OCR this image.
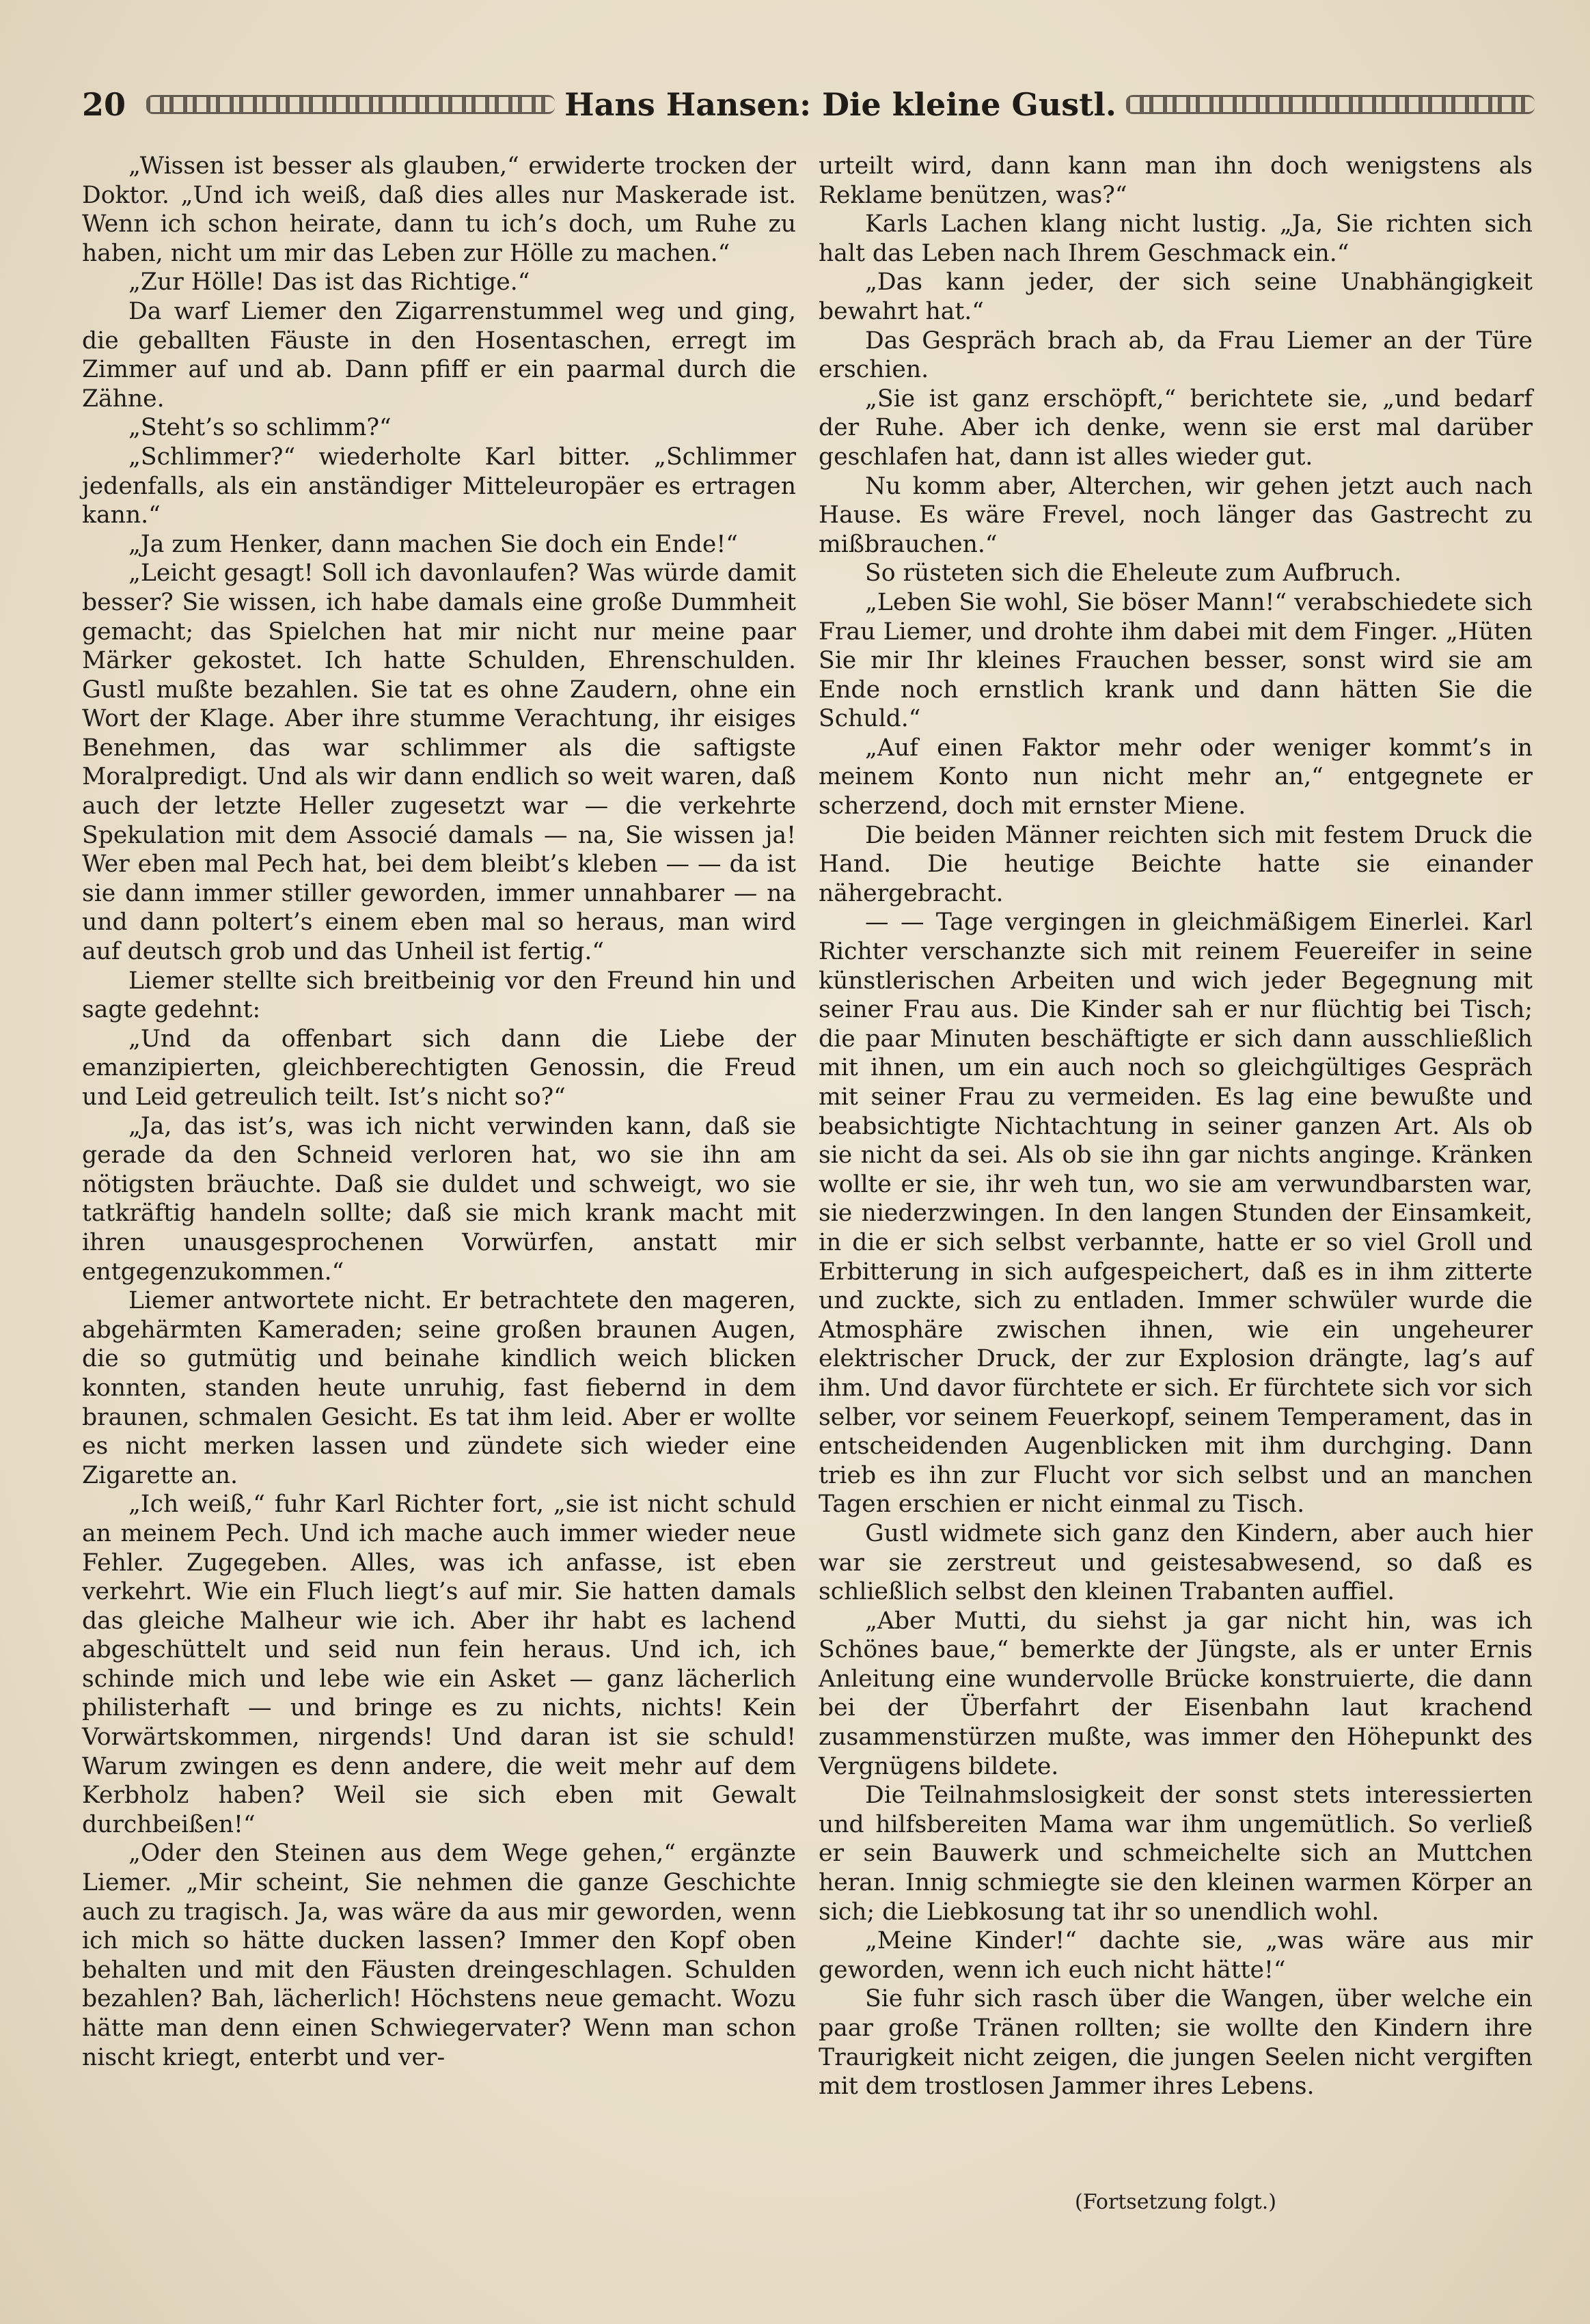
20	Hans Hansen: Die kleine Gustl.

„Wissen ist besser als glauben,“ erwiderte trocken der Doktor. „Und ich weiß, daß dies alles nur Maskerade ist. Wenn ich schon heirate, dann tu ich’s doch, um Ruhe zu haben, nicht um mir das Leben zur Hölle zu machen.“

„Zur Hölle! Das ist das Richtige.“

Da warf Liemer den Zigarrenstummel weg und ging, die geballten Fäuste in den Hosentaschen, erregt im Zimmer auf und ab. Dann pfiff er ein paarmal durch die Zähne.

„Steht’s so schlimm?“

„Schlimmer?“ wiederholte Karl bitter. „Schlimmer jedenfalls, als ein anständiger Mitteleuropäer es ertragen kann.“

„Ja zum Henker, dann machen Sie doch ein Ende!“

„Leicht gesagt! Soll ich davonlaufen? Was würde damit besser? Sie wissen, ich habe damals eine große Dummheit gemacht; das Spielchen hat mir nicht nur meine paar Märker gekostet. Ich hatte Schulden, Ehrenschulden. Gustl mußte bezahlen. Sie tat es ohne Zaudern, ohne ein Wort der Klage. Aber ihre stumme Verachtung, ihr eisiges Benehmen, das war schlimmer als die saftigste Moralpredigt. Und als wir dann endlich so weit waren, daß auch der letzte Heller zugesetzt war — die verkehrte Spekulation mit dem Associé damals — na, Sie wissen ja! Wer eben mal Pech hat, bei dem bleibt’s kleben — — da ist sie dann immer stiller geworden, immer unnahbarer — na und dann poltert’s einem eben mal so heraus, man wird auf deutsch grob und das Unheil ist fertig.“

Liemer stellte sich breitbeinig vor den Freund hin und sagte gedehnt:

„Und da offenbart sich dann die Liebe der emanzipierten, gleichberechtigten Genossin, die Freud und Leid getreulich teilt. Ist’s nicht so?“

„Ja, das ist’s, was ich nicht verwinden kann, daß sie gerade da den Schneid verloren hat, wo sie ihn am nötigsten bräuchte. Daß sie duldet und schweigt, wo sie tatkräftig handeln sollte; daß sie mich krank macht mit ihren unausgesprochenen Vorwürfen, anstatt mir entgegenzukommen.“

Liemer antwortete nicht. Er betrachtete den mageren, abgehärmten Kameraden; seine großen braunen Augen, die so gutmütig und beinahe kindlich weich blicken konnten, standen heute unruhig, fast fiebernd in dem braunen, schmalen Gesicht. Es tat ihm leid. Aber er wollte es nicht merken lassen und zündete sich wieder eine Zigarette an.

„Ich weiß,“ fuhr Karl Richter fort, „sie ist nicht schuld an meinem Pech. Und ich mache auch immer wieder neue Fehler. Zugegeben. Alles, was ich anfasse, ist eben verkehrt. Wie ein Fluch liegt’s auf mir. Sie hatten damals das gleiche Malheur wie ich. Aber ihr habt es lachend abgeschüttelt und seid nun fein heraus. Und ich, ich schinde mich und lebe wie ein Asket — ganz lächerlich philisterhaft — und bringe es zu nichts, nichts! Kein Vorwärtskommen, nirgends! Und daran ist sie schuld! Warum zwingen es denn andere, die weit mehr auf dem Kerbholz haben? Weil sie sich eben mit Gewalt durchbeißen!“

„Oder den Steinen aus dem Wege gehen,“ ergänzte Liemer. „Mir scheint, Sie nehmen die ganze Geschichte auch zu tragisch. Ja, was wäre da aus mir geworden, wenn ich mich so hätte ducken lassen? Immer den Kopf oben behalten und mit den Fäusten dreingeschlagen. Schulden bezahlen? Bah, lächerlich! Höchstens neue gemacht. Wozu hätte man denn einen Schwiegervater? Wenn man schon nischt kriegt, enterbt und ver-

urteilt wird, dann kann man ihn doch wenigstens als Reklame benützen, was?“

Karls Lachen klang nicht lustig. „Ja, Sie richten sich halt das Leben nach Ihrem Geschmack ein.“

„Das kann jeder, der sich seine Unabhängigkeit bewahrt hat.“

Das Gespräch brach ab, da Frau Liemer an der Türe erschien.

„Sie ist ganz erschöpft,“ berichtete sie, „und bedarf der Ruhe. Aber ich denke, wenn sie erst mal darüber geschlafen hat, dann ist alles wieder gut.

Nu komm aber, Alterchen, wir gehen jetzt auch nach Hause. Es wäre Frevel, noch länger das Gastrecht zu mißbrauchen.“

So rüsteten sich die Eheleute zum Aufbruch.

„Leben Sie wohl, Sie böser Mann!“ verabschiedete sich Frau Liemer, und drohte ihm dabei mit dem Finger. „Hüten Sie mir Ihr kleines Frauchen besser, sonst wird sie am Ende noch ernstlich krank und dann hätten Sie die Schuld.“

„Auf einen Faktor mehr oder weniger kommt’s in meinem Konto nun nicht mehr an,“ entgegnete er scherzend, doch mit ernster Miene.

Die beiden Männer reichten sich mit festem Druck die Hand. Die heutige Beichte hatte sie einander nähergebracht.

— — Tage vergingen in gleichmäßigem Einerlei. Karl Richter verschanzte sich mit reinem Feuereifer in seine künstlerischen Arbeiten und wich jeder Begegnung mit seiner Frau aus. Die Kinder sah er nur flüchtig bei Tisch; die paar Minuten beschäftigte er sich dann ausschließlich mit ihnen, um ein auch noch so gleichgültiges Gespräch mit seiner Frau zu vermeiden. Es lag eine bewußte und beabsichtigte Nichtachtung in seiner ganzen Art. Als ob sie nicht da sei. Als ob sie ihn gar nichts anginge. Kränken wollte er sie, ihr weh tun, wo sie am verwundbarsten war, sie niederzwingen. In den langen Stunden der Einsamkeit, in die er sich selbst verbannte, hatte er so viel Groll und Erbitterung in sich aufgespeichert, daß es in ihm zitterte und zuckte, sich zu entladen. Immer schwüler wurde die Atmosphäre zwischen ihnen, wie ein ungeheurer elektrischer Druck, der zur Explosion drängte, lag’s auf ihm. Und davor fürchtete er sich. Er fürchtete sich vor sich selber, vor seinem Feuerkopf, seinem Temperament, das in entscheidenden Augenblicken mit ihm durchging. Dann trieb es ihn zur Flucht vor sich selbst und an manchen Tagen erschien er nicht einmal zu Tisch.

Gustl widmete sich ganz den Kindern, aber auch hier war sie zerstreut und geistesabwesend, so daß es schließlich selbst den kleinen Trabanten auffiel.

„Aber Mutti, du siehst ja gar nicht hin, was ich Schönes baue,“ bemerkte der Jüngste, als er unter Ernis Anleitung eine wundervolle Brücke konstruierte, die dann bei der Überfahrt der Eisenbahn laut krachend zusammenstürzen mußte, was immer den Höhepunkt des Vergnügens bildete.

Die Teilnahmslosigkeit der sonst stets interessierten und hilfsbereiten Mama war ihm ungemütlich. So verließ er sein Bauwerk und schmeichelte sich an Muttchen heran. Innig schmiegte sie den kleinen warmen Körper an sich; die Liebkosung tat ihr so unendlich wohl.

„Meine Kinder!“ dachte sie, „was wäre aus mir geworden, wenn ich euch nicht hätte!“

Sie fuhr sich rasch über die Wangen, über welche ein paar große Tränen rollten; sie wollte den Kindern ihre Traurigkeit nicht zeigen, die jungen Seelen nicht vergiften mit dem trostlosen Jammer ihres Lebens.

(Fortsetzung folgt.)
